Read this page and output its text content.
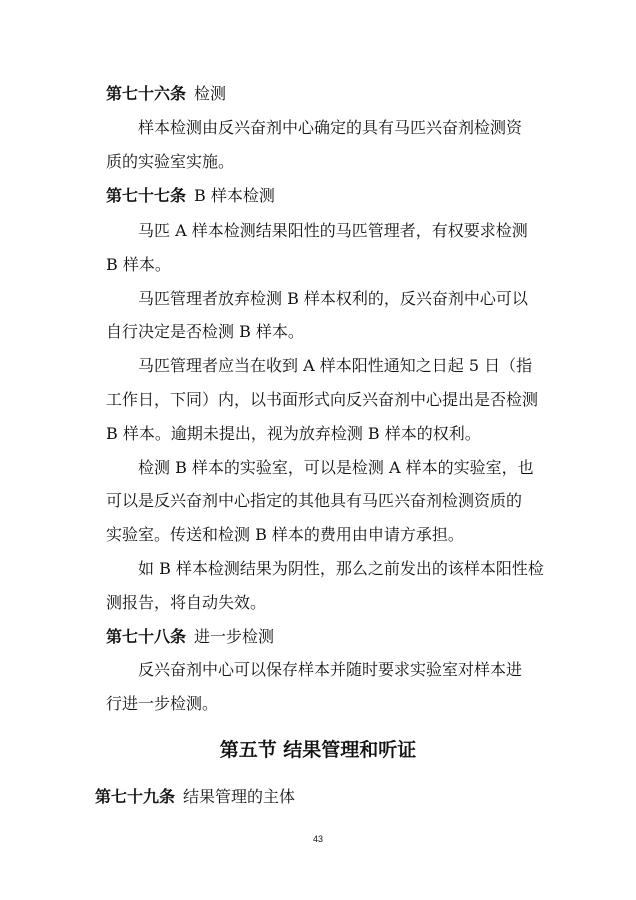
第七十六条 检测
样本检测由反兴奋剂中心确定的具有马匹兴奋剂检测资
质的实验室实施。
第七十七条 B 样本检测
马匹 A 样本检测结果阳性的马匹管理者，有权要求检测
B 样本。
马匹管理者放弃检测 B 样本权利的，反兴奋剂中心可以
自行决定是否检测 B 样本。
马匹管理者应当在收到 A 样本阳性通知之日起 5 日（指
工作日，下同）内，以书面形式向反兴奋剂中心提出是否检测
B 样本。逾期未提出，视为放弃检测 B 样本的权利。
检测 B 样本的实验室，可以是检测 A 样本的实验室，也
可以是反兴奋剂中心指定的其他具有马匹兴奋剂检测资质的
实验室。传送和检测 B 样本的费用由申请方承担。
如 B 样本检测结果为阴性，那么之前发出的该样本阳性检
测报告，将自动失效。
第七十八条 进一步检测
反兴奋剂中心可以保存样本并随时要求实验室对样本进
行进一步检测。
第五节 结果管理和听证
第七十九条 结果管理的主体
43
